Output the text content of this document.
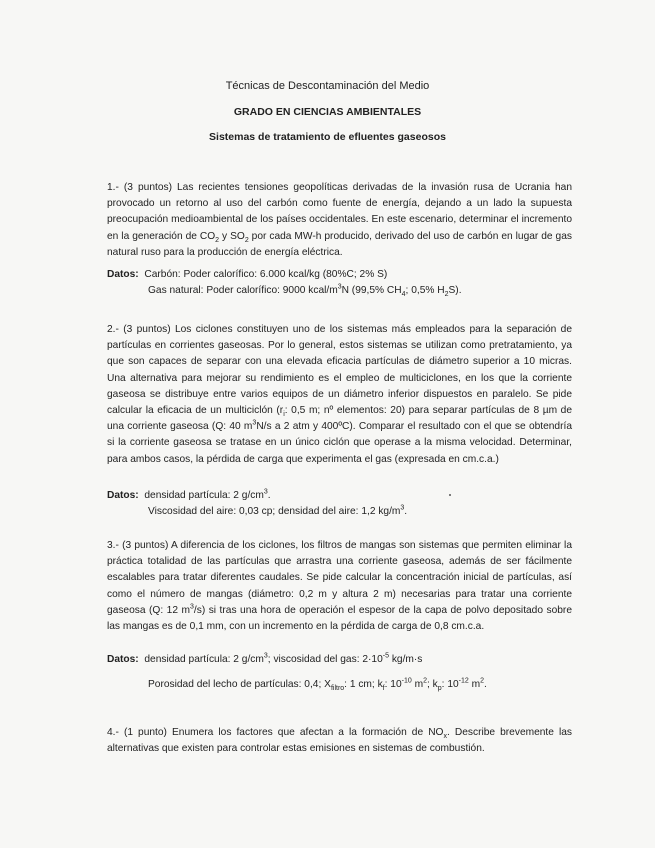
Técnicas de Descontaminación del Medio
GRADO EN CIENCIAS AMBIENTALES
Sistemas de tratamiento de efluentes gaseosos

1.- (3 puntos) Las recientes tensiones geopolíticas derivadas de la invasión rusa de Ucrania han provocado un retorno al uso del carbón como fuente de energía, dejando a un lado la supuesta preocupación medioambiental de los países occidentales. En este escenario, determinar el incremento en la generación de $CO_2$ y $SO_2$ por cada MW-h producido, derivado del uso de carbón en lugar de gas natural ruso para la producción de energía eléctrica.

Datos: Carbón: Poder calorífico: 6.000 kcal/kg (80%C; 2% S)
Gas natural: Poder calorífico: 9000 kcal/$m^3N$ (99,5% $CH_4$; 0,5% $H_2S$).

2.- (3 puntos) Los ciclones constituyen uno de los sistemas más empleados para la separación de partículas en corrientes gaseosas. Por lo general, estos sistemas se utilizan como pretratamiento, ya que son capaces de separar con una elevada eficacia partículas de diámetro superior a 10 micras. Una alternativa para mejorar su rendimiento es el empleo de multiciclones, en los que la corriente gaseosa se distribuye entre varios equipos de un diámetro inferior dispuestos en paralelo. Se pide calcular la eficacia de un multiciclón ($r_i$: 0,5 m; nº elementos: 20) para separar partículas de 8 µm de una corriente gaseosa (Q: 40 $m^3N/s$ a 2 atm y 400ºC). Comparar el resultado con el que se obtendría si la corriente gaseosa se tratase en un único ciclón que operase a la misma velocidad. Determinar, para ambos casos, la pérdida de carga que experimenta el gas (expresada en cm.c.a.)

Datos: densidad partícula: 2 $g/cm^3$.
Viscosidad del aire: 0,03 cp; densidad del aire: 1,2 $kg/m^3$.

3.- (3 puntos) A diferencia de los ciclones, los filtros de mangas son sistemas que permiten eliminar la práctica totalidad de las partículas que arrastra una corriente gaseosa, además de ser fácilmente escalables para tratar diferentes caudales. Se pide calcular la concentración inicial de partículas, así como el número de mangas (diámetro: 0,2 m y altura 2 m) necesarias para tratar una corriente gaseosa (Q: 12 $m^3/s$) si tras una hora de operación el espesor de la capa de polvo depositado sobre las mangas es de 0,1 mm, con un incremento en la pérdida de carga de 0,8 cm.c.a.

Datos: densidad partícula: 2 $g/cm^3$; viscosidad del gas: $2\cdot 10^{-5}$ kg/m·s
Porosidad del lecho de partículas: 0,4; $X_{filtro}$: 1 cm; $k_f$: $10^{-10}$ $m^2$; $k_p$: $10^{-12}$ $m^2$.

4.- (1 punto) Enumera los factores que afectan a la formación de $NO_x$. Describe brevemente las alternativas que existen para controlar estas emisiones en sistemas de combustión.
